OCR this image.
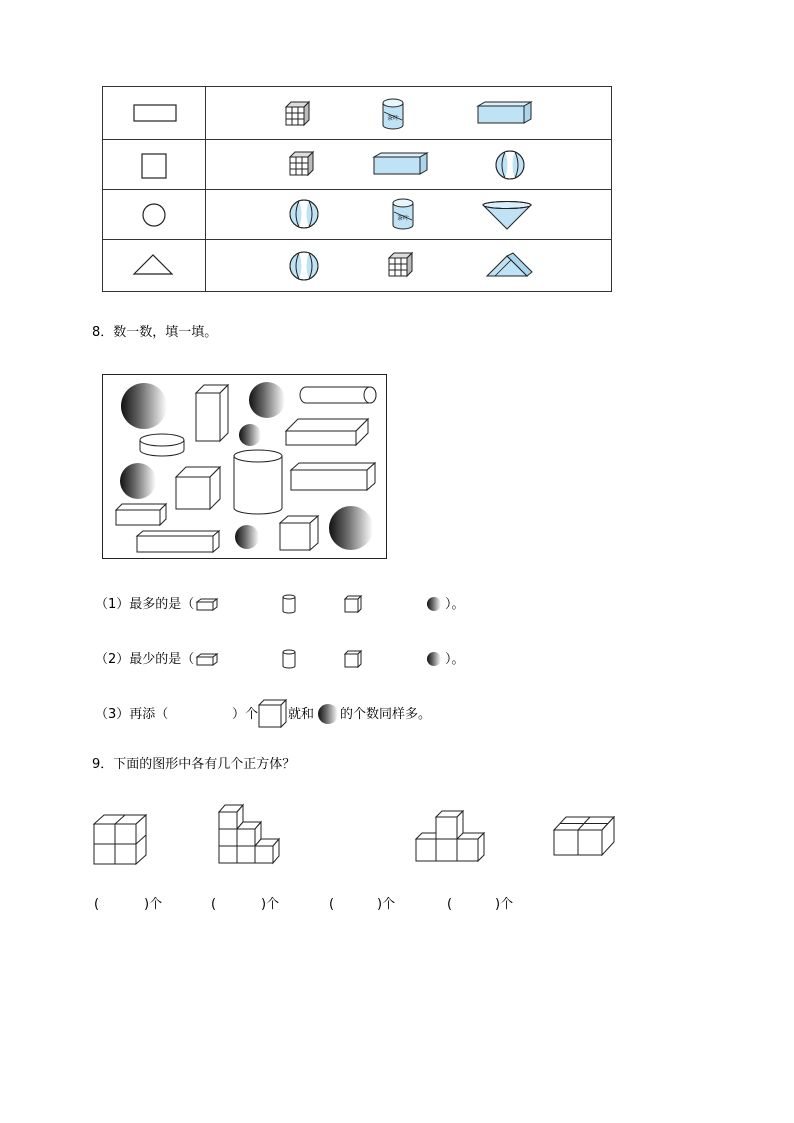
茶叶
茶叶
8．数一数，填一填。
（1）最多的是（	）。
（2）最少的是（	）。
（3）再添（	）个 就和 的个数同样多。
9．下面的图形中各有几个正方体？
(	)个	(	)个	(	)个	(	)个
